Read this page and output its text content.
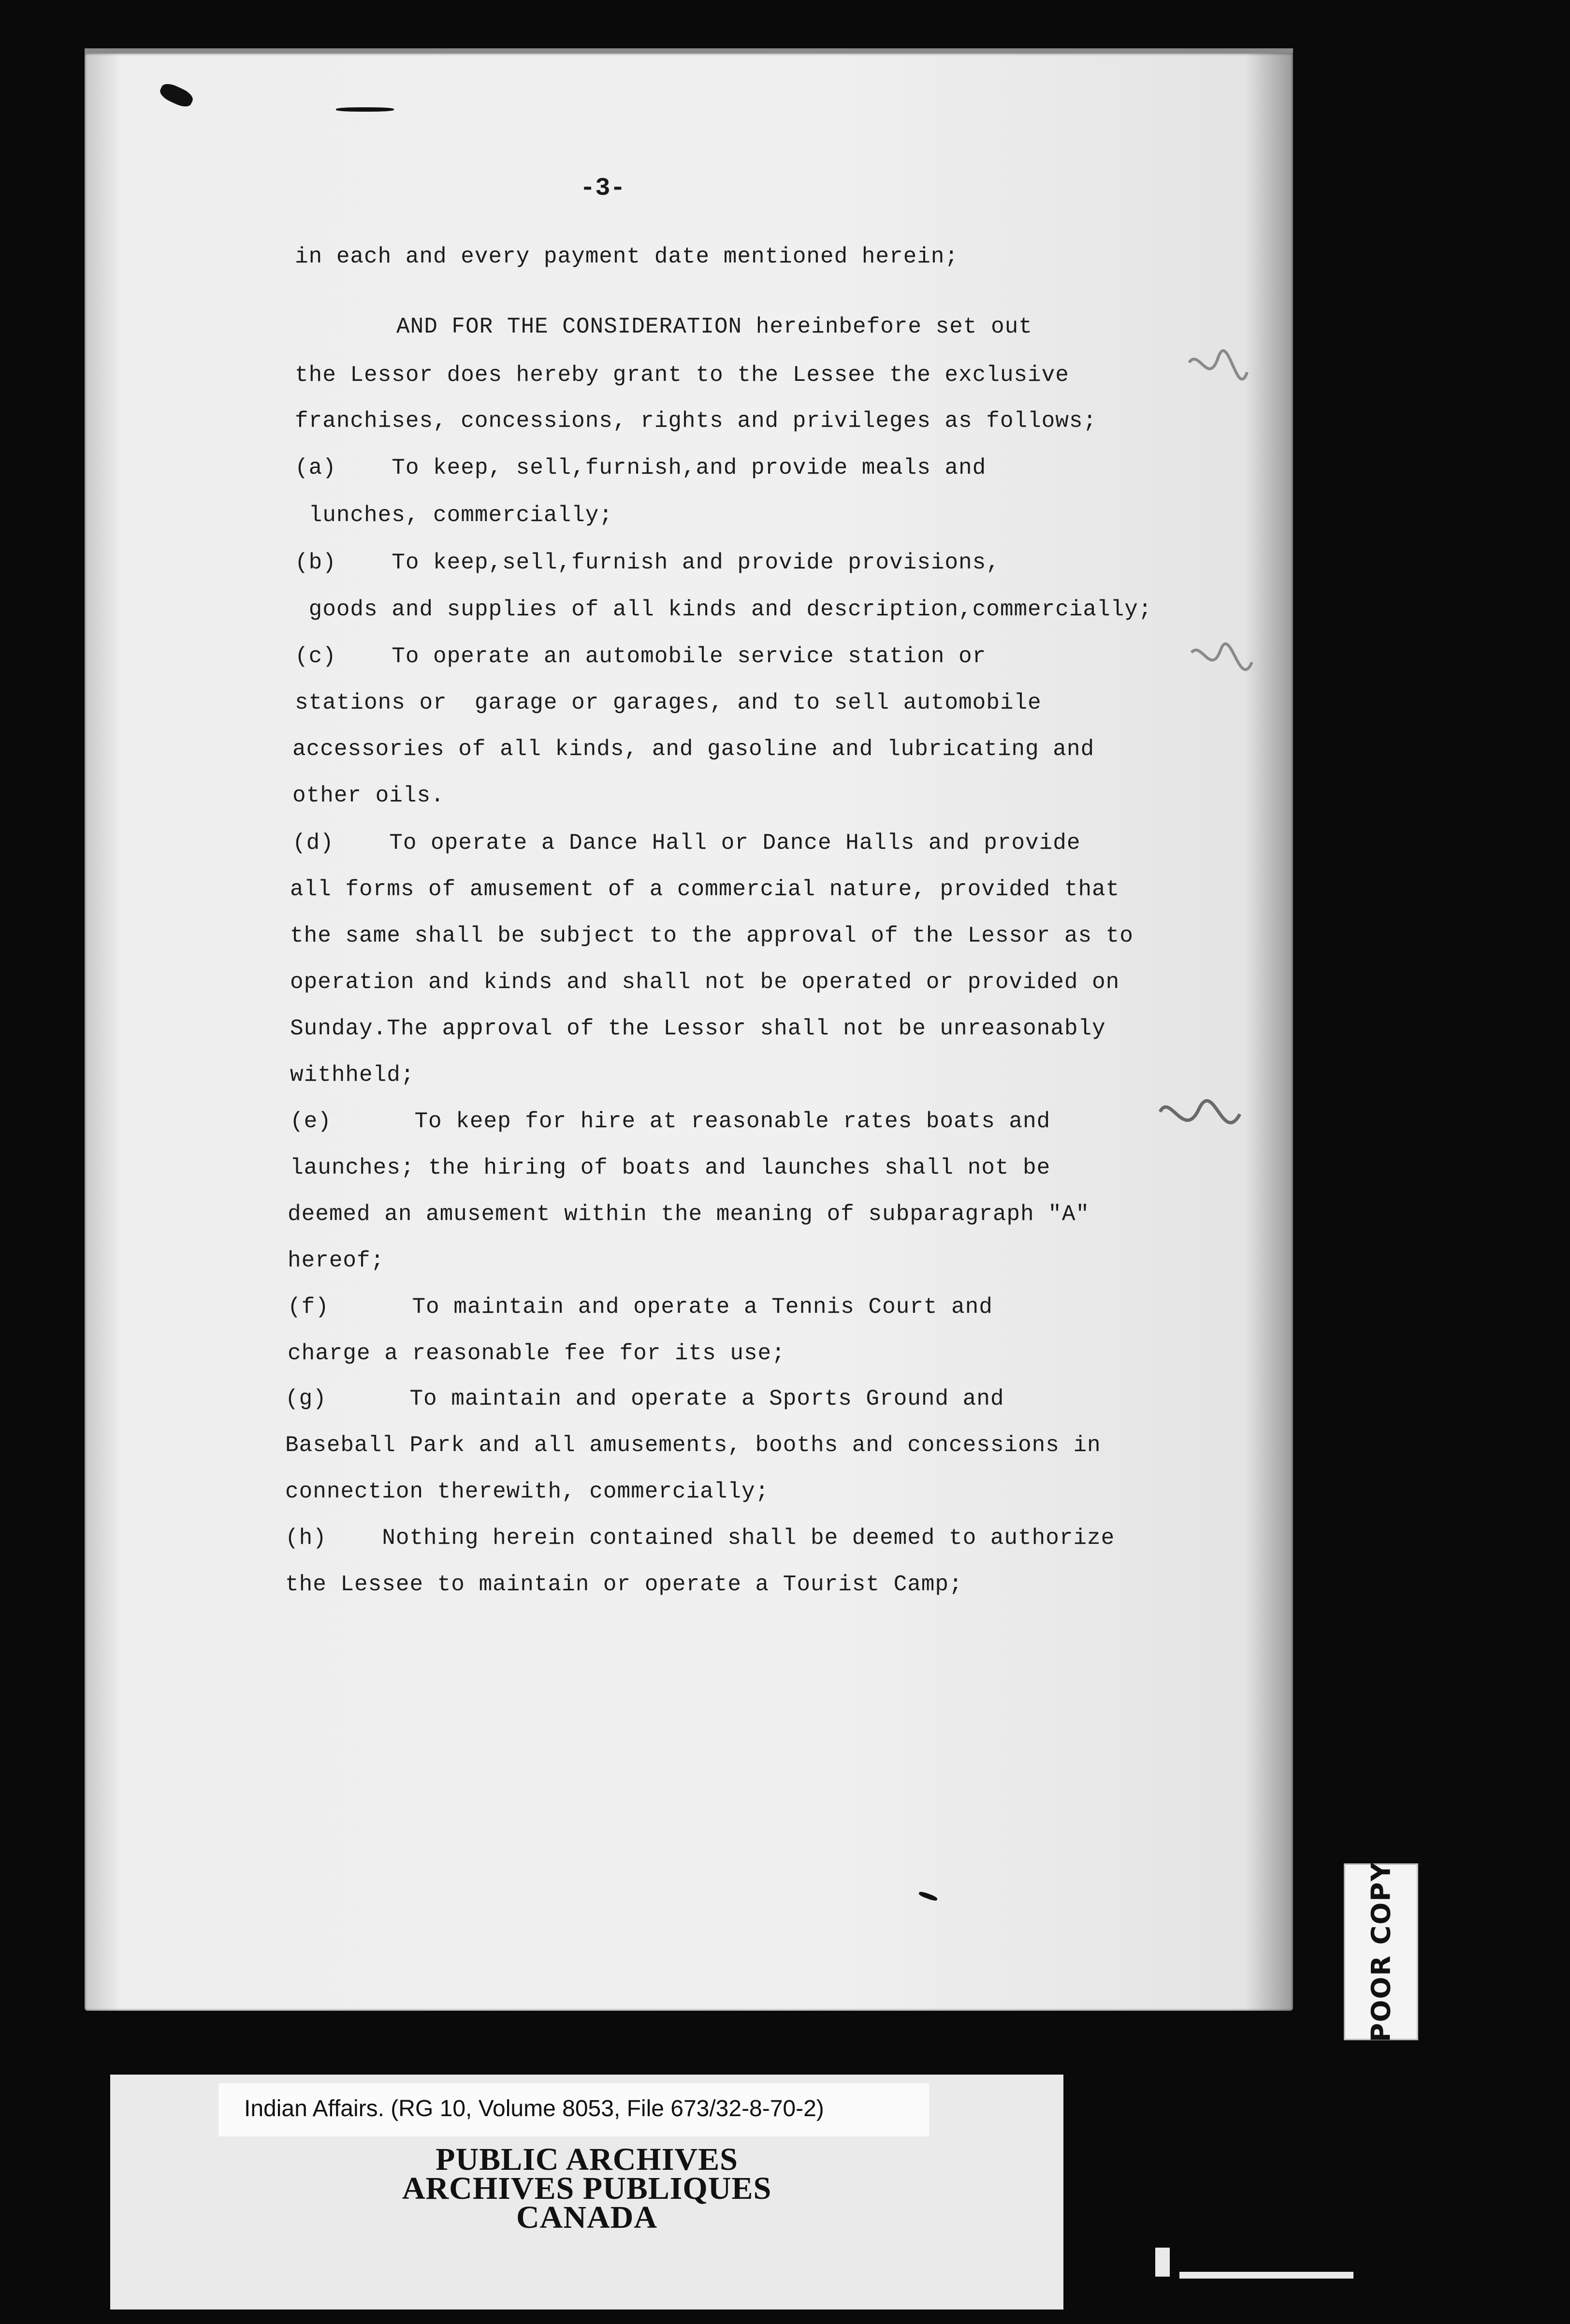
-3-
in each and every payment date mentioned herein;
AND FOR THE CONSIDERATION hereinbefore set out
the Lessor does hereby grant to the Lessee the exclusive
franchises, concessions, rights and privileges as follows;
(a)    To keep, sell,furnish,and provide meals and
lunches, commercially;
(b)    To keep,sell,furnish and provide provisions,
goods and supplies of all kinds and description,commercially;
(c)    To operate an automobile service station or
stations or  garage or garages, and to sell automobile
accessories of all kinds, and gasoline and lubricating and
other oils.
(d)    To operate a Dance Hall or Dance Halls and provide
all forms of amusement of a commercial nature, provided that
the same shall be subject to the approval of the Lessor as to
operation and kinds and shall not be operated or provided on
Sunday.The approval of the Lessor shall not be unreasonably
withheld;
(e)      To keep for hire at reasonable rates boats and
launches; the hiring of boats and launches shall not be
deemed an amusement within the meaning of subparagraph "A"
hereof;
(f)      To maintain and operate a Tennis Court and
charge a reasonable fee for its use;
(g)      To maintain and operate a Sports Ground and
Baseball Park and all amusements, booths and concessions in
connection therewith, commercially;
(h)    Nothing herein contained shall be deemed to authorize
the Lessee to maintain or operate a Tourist Camp;
POOR COPY
Indian Affairs. (RG 10, Volume 8053, File 673/32-8-70-2)
PUBLIC ARCHIVES
ARCHIVES PUBLIQUES
CANADA
